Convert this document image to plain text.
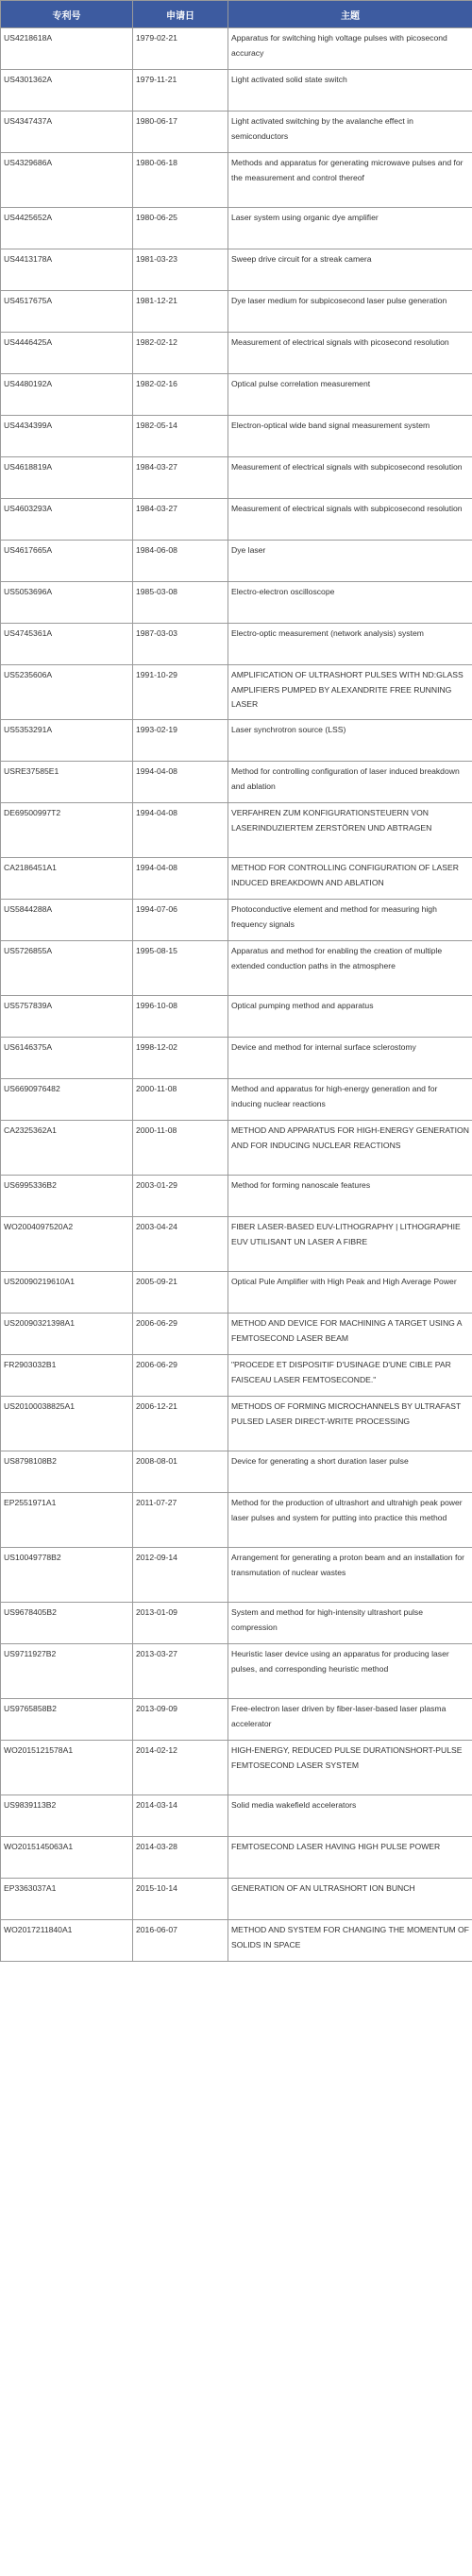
专利号	申请日	主题
US4218618A	1979-02-21	Apparatus for switching high voltage pulses with picosecond accuracy
US4301362A	1979-11-21	Light activated solid state switch
US4347437A	1980-06-17	Light activated switching by the avalanche effect in semiconductors
US4329686A	1980-06-18	Methods and apparatus for generating microwave pulses and for the measurement and control thereof
US4425652A	1980-06-25	Laser system using organic dye amplifier
US4413178A	1981-03-23	Sweep drive circuit for a streak camera
US4517675A	1981-12-21	Dye laser medium for subpicosecond laser pulse generation
US4446425A	1982-02-12	Measurement of electrical signals with picosecond resolution
US4480192A	1982-02-16	Optical pulse correlation measurement
US4434399A	1982-05-14	Electron-optical wide band signal measurement system
US4618819A	1984-03-27	Measurement of electrical signals with subpicosecond resolution
US4603293A	1984-03-27	Measurement of electrical signals with subpicosecond resolution
US4617665A	1984-06-08	Dye laser
US5053696A	1985-03-08	Electro-electron oscilloscope
US4745361A	1987-03-03	Electro-optic measurement (network analysis) system
US5235606A	1991-10-29	AMPLIFICATION OF ULTRASHORT PULSES WITH ND:GLASS AMPLIFIERS PUMPED BY ALEXANDRITE FREE RUNNING LASER
US5353291A	1993-02-19	Laser synchrotron source (LSS)
USRE37585E1	1994-04-08	Method for controlling configuration of laser induced breakdown and ablation
DE69500997T2	1994-04-08	VERFAHREN ZUM KONFIGURATIONSTEUERN VON LASERINDUZIERTEM ZERSTÖREN UND ABTRAGEN
CA2186451A1	1994-04-08	METHOD FOR CONTROLLING CONFIGURATION OF LASER INDUCED BREAKDOWN AND ABLATION
US5844288A	1994-07-06	Photoconductive element and method for measuring high frequency signals
US5726855A	1995-08-15	Apparatus and method for enabling the creation of multiple extended conduction paths in the atmosphere
US5757839A	1996-10-08	Optical pumping method and apparatus
US6146375A	1998-12-02	Device and method for internal surface sclerostomy
US6690976482	2000-11-08	Method and apparatus for high-energy generation and for inducing nuclear reactions
CA2325362A1	2000-11-08	METHOD AND APPARATUS FOR HIGH-ENERGY GENERATION AND FOR INDUCING NUCLEAR REACTIONS
US6995336B2	2003-01-29	Method for forming nanoscale features
WO2004097520A2	2003-04-24	FIBER LASER-BASED EUV-LITHOGRAPHY | LITHOGRAPHIE EUV UTILISANT UN LASER A FIBRE
US20090219610A1	2005-09-21	Optical Pule Amplifier with High Peak and High Average Power
US20090321398A1	2006-06-29	METHOD AND DEVICE FOR MACHINING A TARGET USING A FEMTOSECOND LASER BEAM
FR2903032B1	2006-06-29	"PROCEDE ET DISPOSITIF D'USINAGE D'UNE CIBLE PAR FAISCEAU LASER FEMTOSECONDE."
US20100038825A1	2006-12-21	METHODS OF FORMING MICROCHANNELS BY ULTRAFAST PULSED LASER DIRECT-WRITE PROCESSING
US8798108B2	2008-08-01	Device for generating a short duration laser pulse
EP2551971A1	2011-07-27	Method for the production of ultrashort and ultrahigh peak power laser pulses and system for putting into practice this method
US10049778B2	2012-09-14	Arrangement for generating a proton beam and an installation for transmutation of nuclear wastes
US9678405B2	2013-01-09	System and method for high-intensity ultrashort pulse compression
US9711927B2	2013-03-27	Heuristic laser device using an apparatus for producing laser pulses, and corresponding heuristic method
US9765858B2	2013-09-09	Free-electron laser driven by fiber-laser-based laser plasma accelerator
WO2015121578A1	2014-02-12	HIGH-ENERGY, REDUCED PULSE DURATIONSHORT-PULSE FEMTOSECOND LASER SYSTEM
US9839113B2	2014-03-14	Solid media wakefield accelerators
WO2015145063A1	2014-03-28	FEMTOSECOND LASER HAVING HIGH PULSE POWER
EP3363037A1	2015-10-14	GENERATION OF AN ULTRASHORT ION BUNCH
WO2017211840A1	2016-06-07	METHOD AND SYSTEM FOR CHANGING THE MOMENTUM OF SOLIDS IN SPACE
